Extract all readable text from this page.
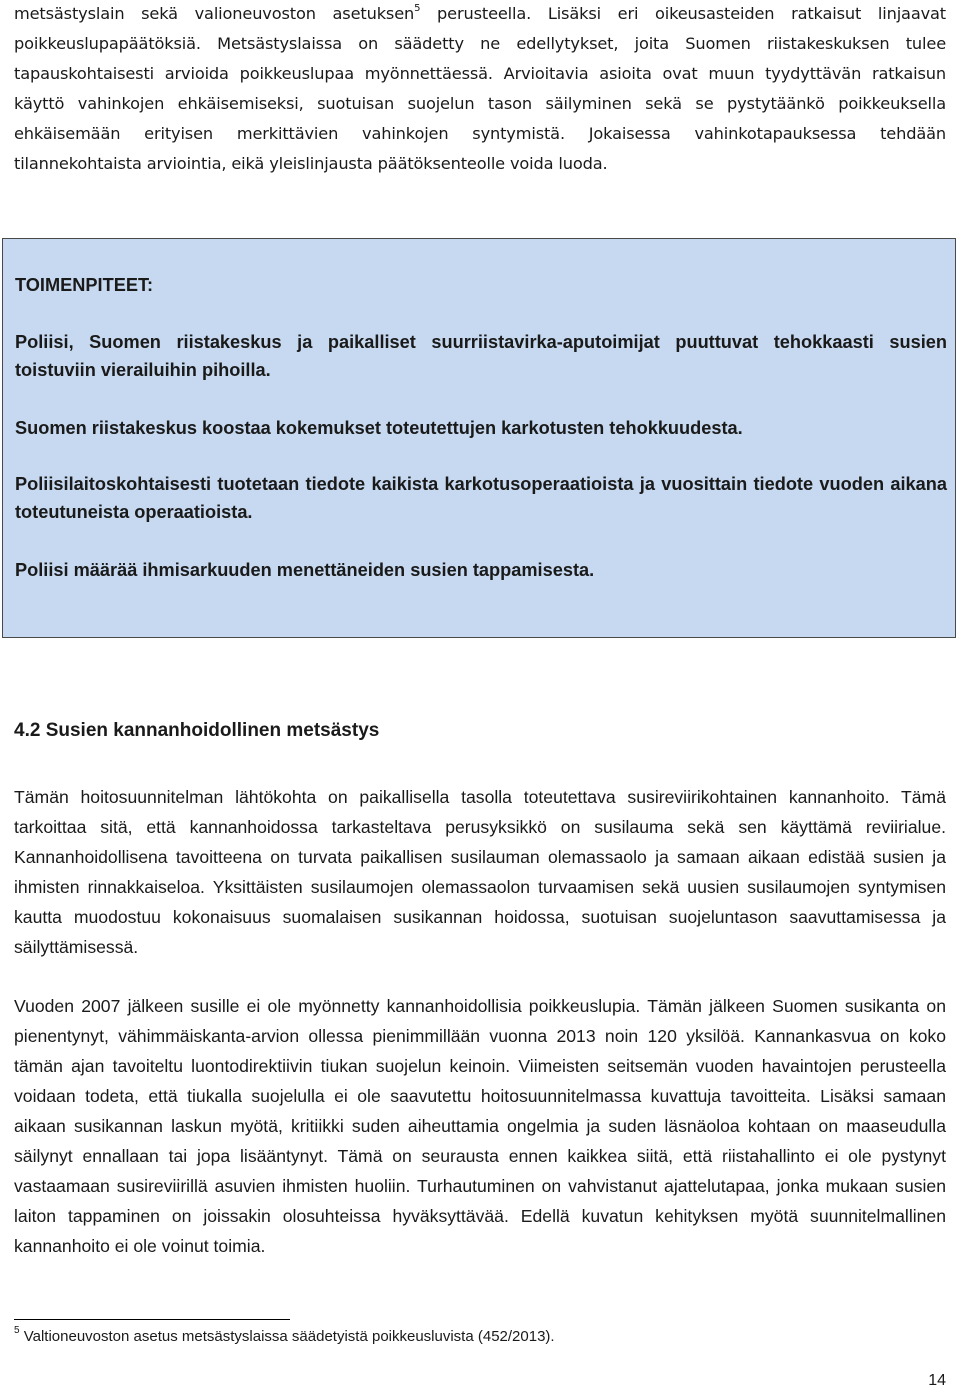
metsästyslain sekä valioneuvoston asetuksen$^5$ perusteella. Lisäksi eri oikeusasteiden ratkaisut linjaavat poikkeuslupapäätöksiä. Metsästyslaissa on säädetty ne edellytykset, joita Suomen riistakeskuksen tulee tapauskohtaisesti arvioida poikkeuslupaa myönnettäessä. Arvioitavia asioita ovat muun tyydyttävän ratkaisun käyttö vahinkojen ehkäisemiseksi, suotuisan suojelun tason säilyminen sekä se pystytäänkö poikkeuksella ehkäisemään erityisen merkittävien vahinkojen syntymistä. Jokaisessa vahinkotapauksessa tehdään tilannekohtaista arviointia, eikä yleislinjausta päätöksenteolle voida luoda.

TOIMENPITEET:

Poliisi, Suomen riistakeskus ja paikalliset suurriistavirka-aputoimijat puuttuvat tehokkaasti susien toistuviin vierailuihin pihoilla.

Suomen riistakeskus koostaa kokemukset toteutettujen karkotusten tehokkuudesta.

Poliisilaitoskohtaisesti tuotetaan tiedote kaikista karkotusoperaatioista ja vuosittain tiedote vuoden aikana toteutuneista operaatioista.

Poliisi määrää ihmisarkuuden menettäneiden susien tappamisesta.

4.2 Susien kannanhoidollinen metsästys

Tämän hoitosuunnitelman lähtökohta on paikallisella tasolla toteutettava susireviirikohtainen kannanhoito. Tämä tarkoittaa sitä, että kannanhoidossa tarkasteltava perusyksikkö on susilauma sekä sen käyttämä reviirialue. Kannanhoidollisena tavoitteena on turvata paikallisen susilauman olemassaolo ja samaan aikaan edistää susien ja ihmisten rinnakkaiseloa. Yksittäisten susilaumojen olemassaolon turvaamisen sekä uusien susilaumojen syntymisen kautta muodostuu kokonaisuus suomalaisen susikannan hoidossa, suotuisan suojeluntason saavuttamisessa ja säilyttämisessä.

Vuoden 2007 jälkeen susille ei ole myönnetty kannanhoidollisia poikkeuslupia. Tämän jälkeen Suomen susikanta on pienentynyt, vähimmäiskanta-arvion ollessa pienimmillään vuonna 2013 noin 120 yksilöä. Kannankasvua on koko tämän ajan tavoiteltu luontodirektiivin tiukan suojelun keinoin. Viimeisten seitsemän vuoden havaintojen perusteella voidaan todeta, että tiukalla suojelulla ei ole saavutettu hoitosuunnitelmassa kuvattuja tavoitteita. Lisäksi samaan aikaan susikannan laskun myötä, kritiikki suden aiheuttamia ongelmia ja suden läsnäoloa kohtaan on maaseudulla säilynyt ennallaan tai jopa lisääntynyt. Tämä on seurausta ennen kaikkea siitä, että riistahallinto ei ole pystynyt vastaamaan susireviirillä asuvien ihmisten huoliin. Turhautuminen on vahvistanut ajattelutapaa, jonka mukaan susien laiton tappaminen on joissakin olosuhteissa hyväksyttävää. Edellä kuvatun kehityksen myötä suunnitelmallinen kannanhoito ei ole voinut toimia.

$^5$ Valtioneuvoston asetus metsästyslaissa säädetyistä poikkeusluvista (452/2013).

14
